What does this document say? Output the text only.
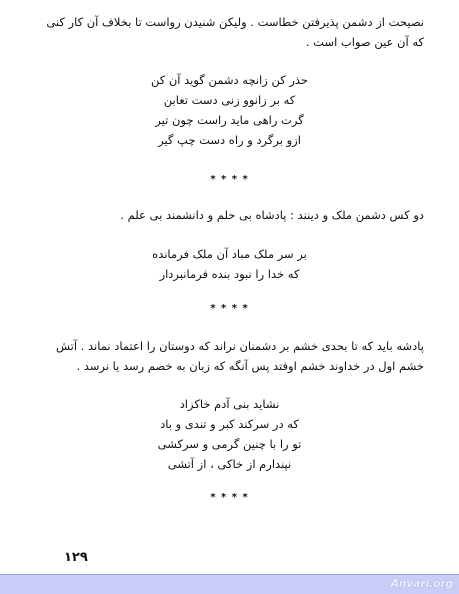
نصیحت از دشمن پذیرفتن خطاست . ولیکن شنیدن رواست تا بخلاف آن کار کنی که آن عین صواب است .
حذر کن زانچه دشمن گوید آن کن
که بر زانوو زنی دست تغابن
گرت راهی ماید راست چون تیر
ازو برگرد و راه دست چپ گیر
* * * *
دو کس دشمن ملک و دینند : پادشاه بی حلم و دانشمند بی علم .
بر سر ملک مباد آن ملک فرمانده
که خدا را نبود بنده فرمانبردار
* * * *
پادشه باید که تا بحدی خشم بر دشمنان نراند که دوستان را اعتماد نماند . آتش خشم اول در خداوند خشم اوفتد پس آنگه که زبان به خصم رسد یا نرسد .
نشاید بنی آدم خاکزاد
که در سرکند کبر و تندی و باد
تو را با چنین گرمی و سرکشی
نپندارم از خاکی ، از آتشی
* * * *
۱۲۹
Anvari.org
